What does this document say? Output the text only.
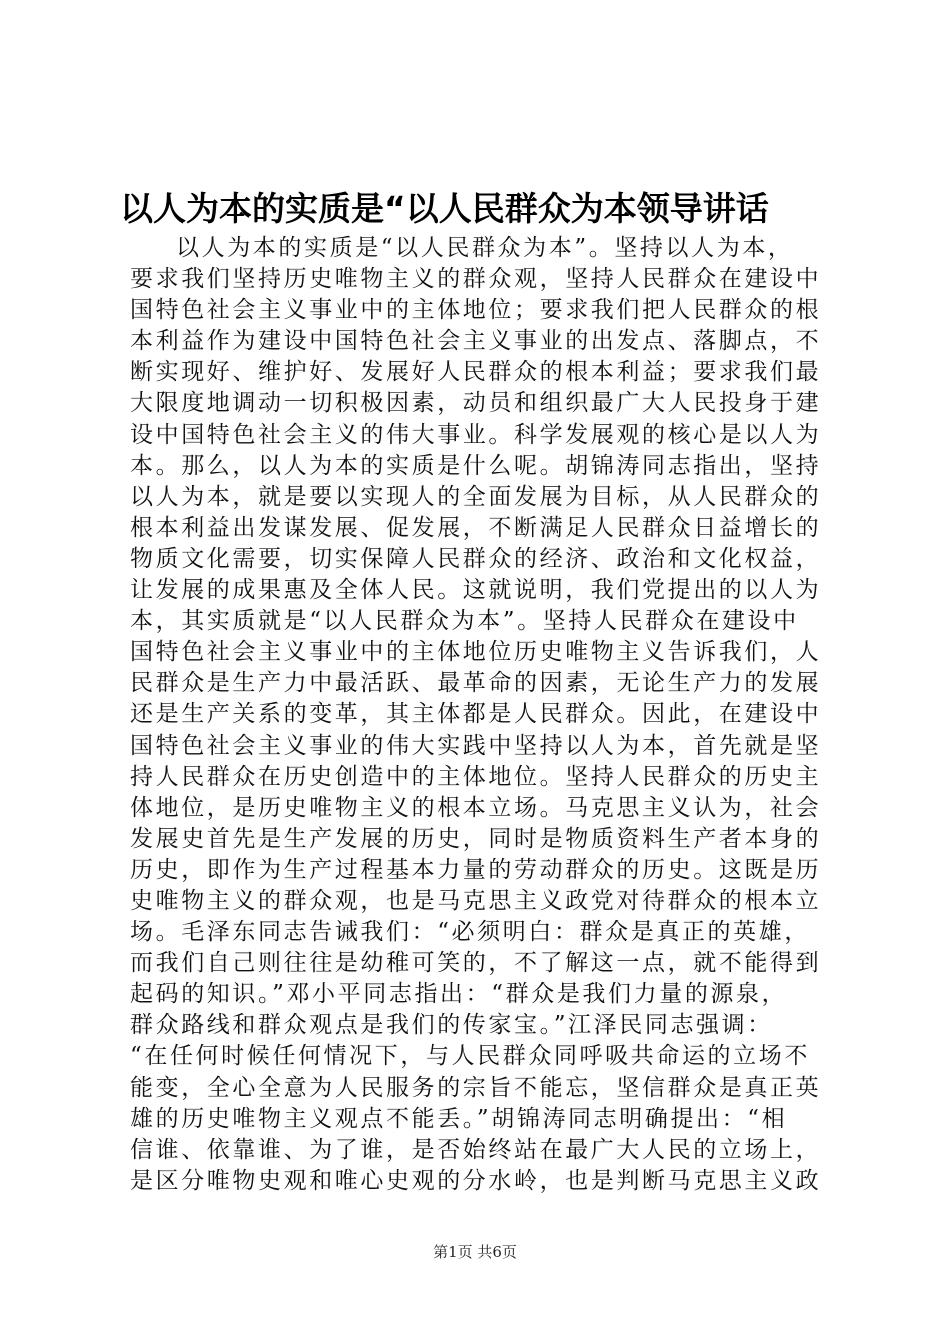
以人为本的实质是“以人民群众为本领导讲话
以人为本的实质是“以人民群众为本”。坚持以人为本，
要求我们坚持历史唯物主义的群众观，坚持人民群众在建设中
国特色社会主义事业中的主体地位；要求我们把人民群众的根
本利益作为建设中国特色社会主义事业的出发点、落脚点，不
断实现好、维护好、发展好人民群众的根本利益；要求我们最
大限度地调动一切积极因素，动员和组织最广大人民投身于建
设中国特色社会主义的伟大事业。科学发展观的核心是以人为
本。那么，以人为本的实质是什么呢。胡锦涛同志指出，坚持
以人为本，就是要以实现人的全面发展为目标，从人民群众的
根本利益出发谋发展、促发展，不断满足人民群众日益增长的
物质文化需要，切实保障人民群众的经济、政治和文化权益，
让发展的成果惠及全体人民。这就说明，我们党提出的以人为
本，其实质就是“以人民群众为本”。坚持人民群众在建设中
国特色社会主义事业中的主体地位历史唯物主义告诉我们，人
民群众是生产力中最活跃、最革命的因素，无论生产力的发展
还是生产关系的变革，其主体都是人民群众。因此，在建设中
国特色社会主义事业的伟大实践中坚持以人为本，首先就是坚
持人民群众在历史创造中的主体地位。坚持人民群众的历史主
体地位，是历史唯物主义的根本立场。马克思主义认为，社会
发展史首先是生产发展的历史，同时是物质资料生产者本身的
历史，即作为生产过程基本力量的劳动群众的历史。这既是历
史唯物主义的群众观，也是马克思主义政党对待群众的根本立
场。毛泽东同志告诫我们：“必须明白：群众是真正的英雄，
而我们自己则往往是幼稚可笑的，不了解这一点，就不能得到
起码的知识。”邓小平同志指出：“群众是我们力量的源泉，
群众路线和群众观点是我们的传家宝。”江泽民同志强调：
“在任何时候任何情况下，与人民群众同呼吸共命运的立场不
能变，全心全意为人民服务的宗旨不能忘，坚信群众是真正英
雄的历史唯物主义观点不能丢。”胡锦涛同志明确提出：“相
信谁、依靠谁、为了谁，是否始终站在最广大人民的立场上，
是区分唯物史观和唯心史观的分水岭，也是判断马克思主义政
第1页 共6页
